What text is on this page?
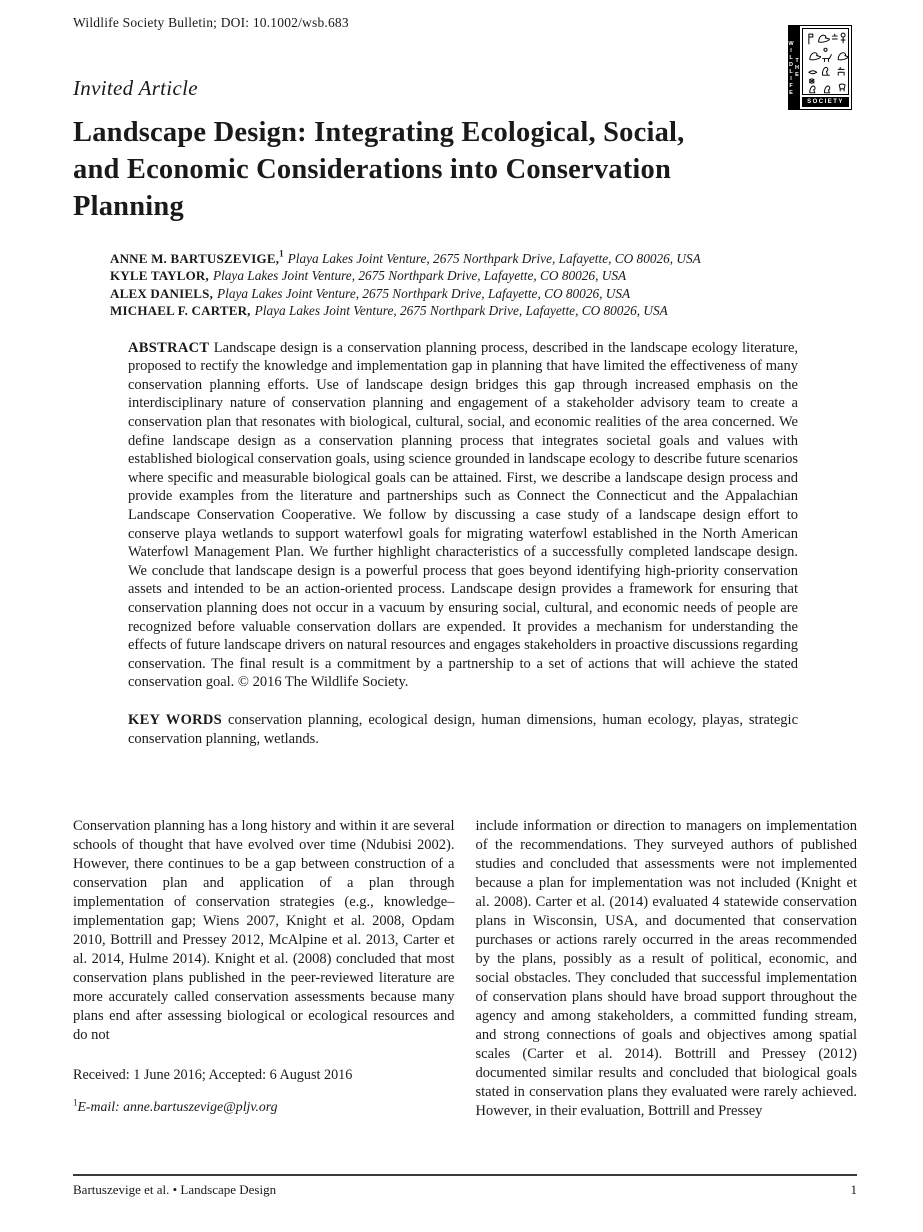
THE WILDLIFE
SOCIETY
Wildlife Society Bulletin; DOI: 10.1002/wsb.683
Invited Article
Landscape Design: Integrating Ecological, Social, and Economic Considerations into Conservation Planning
ANNE M. BARTUSZEVIGE,$^1$ Playa Lakes Joint Venture, 2675 Northpark Drive, Lafayette, CO 80026, USA
KYLE TAYLOR, Playa Lakes Joint Venture, 2675 Northpark Drive, Lafayette, CO 80026, USA
ALEX DANIELS, Playa Lakes Joint Venture, 2675 Northpark Drive, Lafayette, CO 80026, USA
MICHAEL F. CARTER, Playa Lakes Joint Venture, 2675 Northpark Drive, Lafayette, CO 80026, USA

ABSTRACT Landscape design is a conservation planning process, described in the landscape ecology literature, proposed to rectify the knowledge and implementation gap in planning that have limited the effectiveness of many conservation planning efforts. Use of landscape design bridges this gap through increased emphasis on the interdisciplinary nature of conservation planning and engagement of a stakeholder advisory team to create a conservation plan that resonates with biological, cultural, social, and economic realities of the area concerned. We define landscape design as a conservation planning process that integrates societal goals and values with established biological conservation goals, using science grounded in landscape ecology to describe future scenarios where specific and measurable biological goals can be attained. First, we describe a landscape design process and provide examples from the literature and partnerships such as Connect the Connecticut and the Appalachian Landscape Conservation Cooperative. We follow by discussing a case study of a landscape design effort to conserve playa wetlands to support waterfowl goals for migrating waterfowl established in the North American Waterfowl Management Plan. We further highlight characteristics of a successfully completed landscape design. We conclude that landscape design is a powerful process that goes beyond identifying high-priority conservation assets and intended to be an action-oriented process. Landscape design provides a framework for ensuring that conservation planning does not occur in a vacuum by ensuring social, cultural, and economic needs of people are recognized before valuable conservation dollars are expended. It provides a mechanism for understanding the effects of future landscape drivers on natural resources and engages stakeholders in proactive discussions regarding conservation. The final result is a commitment by a partnership to a set of actions that will achieve the stated conservation goal. © 2016 The Wildlife Society.

KEY WORDS conservation planning, ecological design, human dimensions, human ecology, playas, strategic conservation planning, wetlands.

Conservation planning has a long history and within it are several schools of thought that have evolved over time (Ndubisi 2002). However, there continues to be a gap between construction of a conservation plan and application of a plan through implementation of conservation strategies (e.g., knowledge–implementation gap; Wiens 2007, Knight et al. 2008, Opdam 2010, Bottrill and Pressey 2012, McAlpine et al. 2013, Carter et al. 2014, Hulme 2014). Knight et al. (2008) concluded that most conservation plans published in the peer-reviewed literature are more accurately called conservation assessments because many plans end after assessing biological or ecological resources and do not

Received: 1 June 2016; Accepted: 6 August 2016
$^1$E-mail: anne.bartuszevige@pljv.org

include information or direction to managers on implementation of the recommendations. They surveyed authors of published studies and concluded that assessments were not implemented because a plan for implementation was not included (Knight et al. 2008). Carter et al. (2014) evaluated 4 statewide conservation plans in Wisconsin, USA, and documented that conservation purchases or actions rarely occurred in the areas recommended by the plans, possibly as a result of political, economic, and social obstacles. They concluded that successful implementation of conservation plans should have broad support throughout the agency and among stakeholders, a committed funding stream, and strong connections of goals and objectives among spatial scales (Carter et al. 2014). Bottrill and Pressey (2012) documented similar results and concluded that biological goals stated in conservation plans they evaluated were rarely achieved. However, in their evaluation, Bottrill and Pressey

Bartuszevige et al. • Landscape Design	1
